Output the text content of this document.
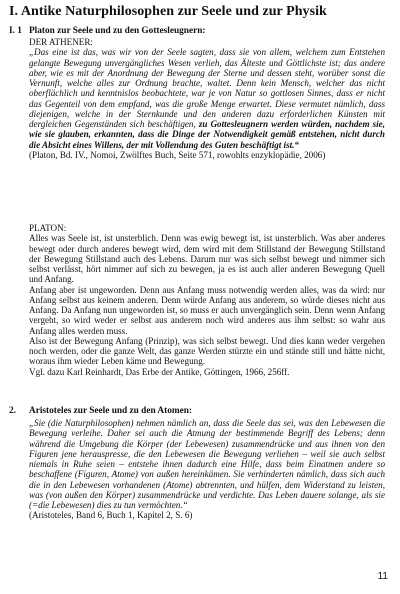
I. Antike Naturphilosophen zur Seele und zur Physik
I. 1 Platon zur Seele und zu den Gottesleugnern:

DER ATHENER:

„Das eine ist das, was wir von der Seele sagten, dass sie von allem, welchem zum Entstehen gelangte Bewegung unvergängliches Wesen verlieh, das Älteste und Göttlichste ist; das andere aber, wie es mit der Anordnung der Bewegung der Sterne und dessen steht, worüber sonst die Vernunft, welche alles zur Ordnung brachte, waltet. Denn kein Mensch, welcher das nicht oberflächlich und kenntnislos beobachtete, war je von Natur so gottlosen Sinnes, dass er nicht das Gegenteil von dem empfand, was die große Menge erwartet. Diese vermutet nämlich, dass diejenigen, welche in der Sternkunde und den anderen dazu erforderlichen Künsten mit dergleichen Gegenständen sich beschäftigen, zu Gottesleugnern werden würden, nachdem sie, wie sie glauben, erkannten, dass die Dinge der Notwendigkeit gemäß entstehen, nicht durch die Absicht eines Willens, der mit Vollendung des Guten beschäftigt ist.“

(Platon, Bd. IV., Nomoi, Zwölftes Buch, Seite 571, rowohlts enzyklopädie, 2006)

PLATON:

Alles was Seele ist, ist unsterblich. Denn was ewig bewegt ist, ist unsterblich. Was aber anderes bewegt oder durch anderes bewegt wird, dem wird mit dem Stillstand der Bewegung Stillstand der Bewegung Stillstand auch des Lebens. Darum nur was sich selbst bewegt und nimmer sich selbst verlässt, hört nimmer auf sich zu bewegen, ja es ist auch aller anderen Bewegung Quell und Anfang.

Anfang aber ist ungeworden. Denn aus Anfang muss notwendig werden alles, was da wird: nur Anfang selbst aus keinem anderen. Denn würde Anfang aus anderem, so würde dieses nicht aus Anfang. Da Anfang nun ungeworden ist, so muss er auch unvergänglich sein. Denn wenn Anfang vergeht, so wird weder er selbst aus anderem noch wird anderes aus ihm selbst: so wahr aus Anfang alles werden muss.

Also ist der Bewegung Anfang (Prinzip), was sich selbst bewegt. Und dies kann weder vergehen noch werden, oder die ganze Welt, das ganze Werden stürzte ein und stände still und hätte nicht, woraus ihm wieder Leben käme und Bewegung.

Vgl. dazu Karl Reinhardt, Das Erbe der Antike, Göttingen, 1966, 256ff.

2. Aristoteles zur Seele und zu den Atomen:

„Sie (die Naturphilosophen) nehmen nämlich an, dass die Seele das sei, was den Lebewesen die Bewegung verleihe. Daher sei auch die Atmung der bestimmende Begriff des Lebens; denn während die Umgebung die Körper (der Lebewesen) zusammendrücke und aus ihnen von den Figuren jene herauspresse, die den Lebewesen die Bewegung verliehen – weil sie auch selbst niemals in Ruhe seien – entstehe ihnen dadurch eine Hilfe, dass beim Einatmen andere so beschaffene (Figuren, Atome) von außen hereinkämen. Sie verhinderten nämlich, dass sich auch die in den Lebewesen vorhandenen (Atome) abtrennten, und hülfen, dem Widerstand zu leisten, was (von außen den Körper) zusammendrücke und verdichte. Das Leben dauere solange, als sie (=die Lebewesen) dies zu tun vermöchten.“

(Aristoteles, Band 6, Buch 1, Kapitel 2, S. 6)

11
